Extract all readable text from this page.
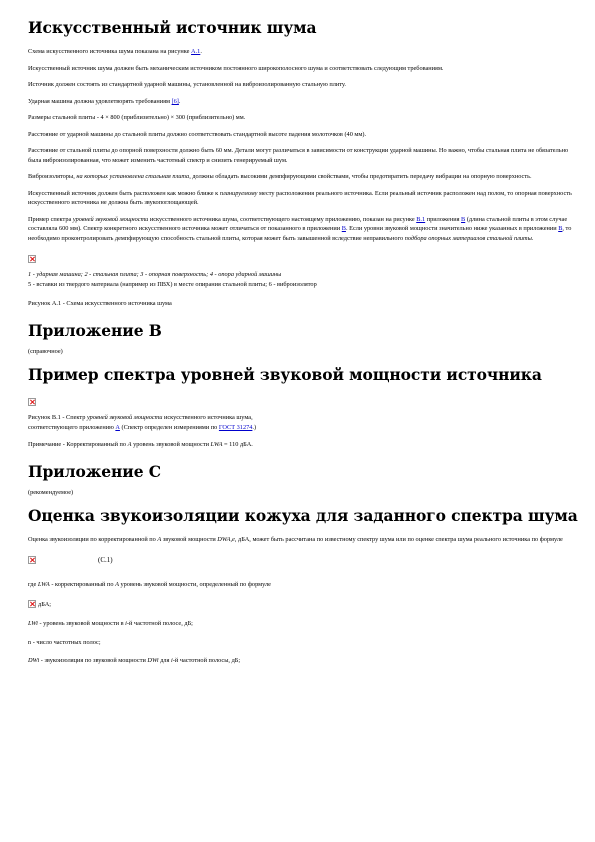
Искусственный источник шума

Схема искусственного источника шума показана на рисунке А.1.

Искусственный источник шума должен быть механическим источником постоянного широкополосного шума и соответствовать следующим требованиям.

Источник должен состоять из стандартной ударной машины, установленной на виброизолированную стальную плиту.

Ударная машина должна удовлетворять требованиям [6].

Размеры стальной плиты - 4 × 800 (приблизительно) × 300 (приблизительно) мм.

Расстояние от ударной машины до стальной плиты должно соответствовать стандартной высоте падения молоточков (40 мм).

Расстояние от стальной плиты до опорной поверхности должно быть 60 мм. Детали могут различаться в зависимости от конструкции ударной машины. Но важно, чтобы стальная плита не обязательно была виброизолированная, что может изменить частотный спектр и снизить генерируемый шум.

Виброизоляторы, на которых установлена стальная плита, должны обладать высокими демпфирующими свойствами, чтобы предотвратить передачу вибрации на опорную поверхность.

Искусственный источник должен быть расположен как можно ближе к планируемому месту расположения реального источника. Если реальный источник расположен над полом, то опорная поверхность искусственного источника не должна быть звукопоглощающей.

Пример спектра уровней звуковой мощности искусственного источника шума, соответствующего настоящему приложению, показан на рисунке В.1 приложения В (длина стальной плиты в этом случае составляла 600 мм). Спектр конкретного искусственного источника может отличаться от показанного в приложении В. Если уровни звуковой мощности значительно ниже указанных в приложении В, то необходимо проконтролировать демпфирующую способность стальной плиты, которая может быть завышенной вследствие неправильного подбора опорных материалов стальной плиты.

1 - ударная машина; 2 - стальная плита; 3 - опорная поверхность; 4 - опора ударной машины
5 - вставки из твердого материала (например из ПВХ) в месте опирания стальной плиты; 6 - виброизолятор

Рисунок А.1 - Схема искусственного источника шума

Приложение В

(справочное)

Пример спектра уровней звуковой мощности источника

Рисунок В.1 - Спектр уровней звуковой мощности искусственного источника шума,
соответствующего приложению А (Спектр определен измерениями по ГОСТ 31274.)

Примечание - Корректированный по А уровень звуковой мощности LWA = 110 дБА.

Приложение С

(рекомендуемое)

Оценка звукоизоляции кожуха для заданного спектра шума

Оценка звукоизоляции по корректированной по А звуковой мощности DWA,e, дБА, может быть рассчитана по известному спектру шума или по оценке спектра шума реального источника по формуле

(С.1)

где LWA - корректированный по А уровень звуковой мощности, определенный по формуле

дБА;

LWi - уровень звуковой мощности в i-й частотной полосе, дБ;

n - число частотных полос;

DWi - звукоизоляция по звуковой мощности DWi для i-й частотной полосы, дБ;
